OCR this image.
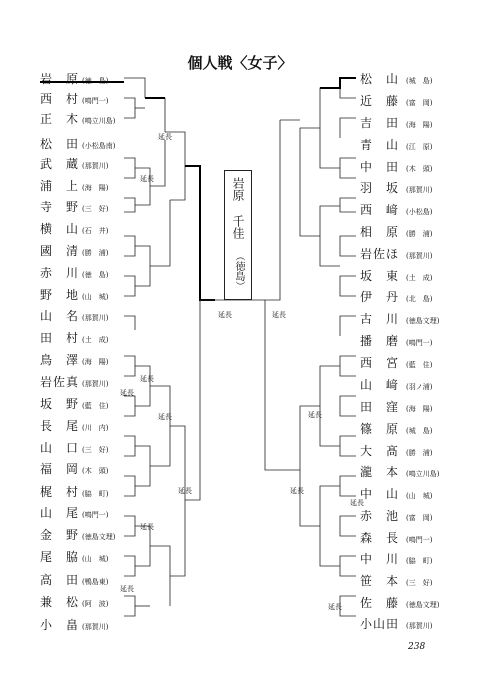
個人戦〈女子〉
岩　原 (徳　島)
西　村 (鳴門一)
正　木 (鳴立川島)
松　田 (小松島南)
武　蔵 (那賀川)
浦　上 (海　陽)
寺　野 (三　好)
横　山 (石　井)
國　清 (勝　浦)
赤　川 (徳　島)
野　地 (山　城)
山　名 (那賀川)
田　村 (土　成)
鳥　澤 (海　陽)
岩佐真 (那賀川)
坂　野 (藍　住)
長　尾 (川　内)
山　口 (三　好)
福　岡 (木　頭)
梶　村 (脇　町)
山　尾 (鳴門一)
金　野 (徳島文理)
尾　脇 (山　城)
高　田 (鴨島東)
兼　松 (阿　波)
小　畠 (那賀川)
松　山 (城　島)
近　藤 (富　岡)
吉　田 (海　陽)
青　山 (江　原)
中　田 (木　頭)
羽　坂 (那賀川)
西　﨑 (小松島)
相　原 (勝　浦)
岩佐ほ (那賀川)
坂　東 (土　成)
伊　丹 (北　島)
古　川 (徳島文理)
播　磨 (鳴門一)
西　宮 (藍　住)
山　﨑 (羽ノ浦)
田　窪 (海　陽)
篠　原 (城　島)
大　髙 (勝　浦)
瀧　本 (鳴立川島)
中　山 (山　城)
赤　池 (富　岡)
森　長 (鳴門一)
中　川 (脇　町)
笹　本 (三　好)
佐　藤 (徳島文理)
小山田 (那賀川)
岩原
千佳
（徳島）
延長
延長
延長	延長
延長
延長
延長
延長
延長
延長
延長
延長
延長
延長
238
